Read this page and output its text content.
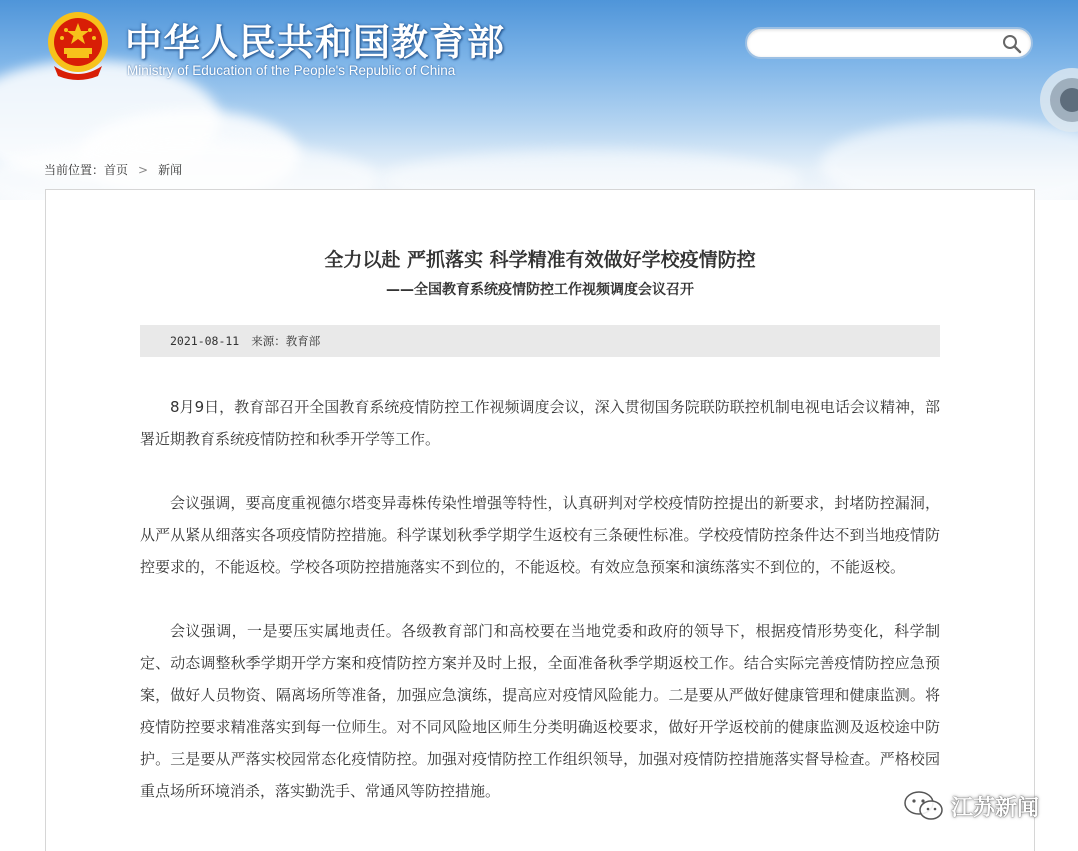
中华人民共和国教育部
Ministry of Education of the People's Republic of China
当前位置：首页 > 新闻
全力以赴 严抓落实 科学精准有效做好学校疫情防控
——全国教育系统疫情防控工作视频调度会议召开
2021-08-11 来源：教育部

8月9日，教育部召开全国教育系统疫情防控工作视频调度会议，深入贯彻国务院联防联控机制电视电话会议精神，部署近期教育系统疫情防控和秋季开学等工作。

会议强调，要高度重视德尔塔变异毒株传染性增强等特性，认真研判对学校疫情防控提出的新要求，封堵防控漏洞，从严从紧从细落实各项疫情防控措施。科学谋划秋季学期学生返校有三条硬性标准。学校疫情防控条件达不到当地疫情防控要求的，不能返校。学校各项防控措施落实不到位的，不能返校。有效应急预案和演练落实不到位的，不能返校。

会议强调，一是要压实属地责任。各级教育部门和高校要在当地党委和政府的领导下，根据疫情形势变化，科学制定、动态调整秋季学期开学方案和疫情防控方案并及时上报，全面准备秋季学期返校工作。结合实际完善疫情防控应急预案，做好人员物资、隔离场所等准备，加强应急演练，提高应对疫情风险能力。二是要从严做好健康管理和健康监测。将疫情防控要求精准落实到每一位师生。对不同风险地区师生分类明确返校要求，做好开学返校前的健康监测及返校途中防护。三是要从严落实校园常态化疫情防控。加强对疫情防控工作组织领导，加强对疫情防控措施落实督导检查。严格校园重点场所环境消杀，落实勤洗手、常通风等防控措施。

江苏新闻
